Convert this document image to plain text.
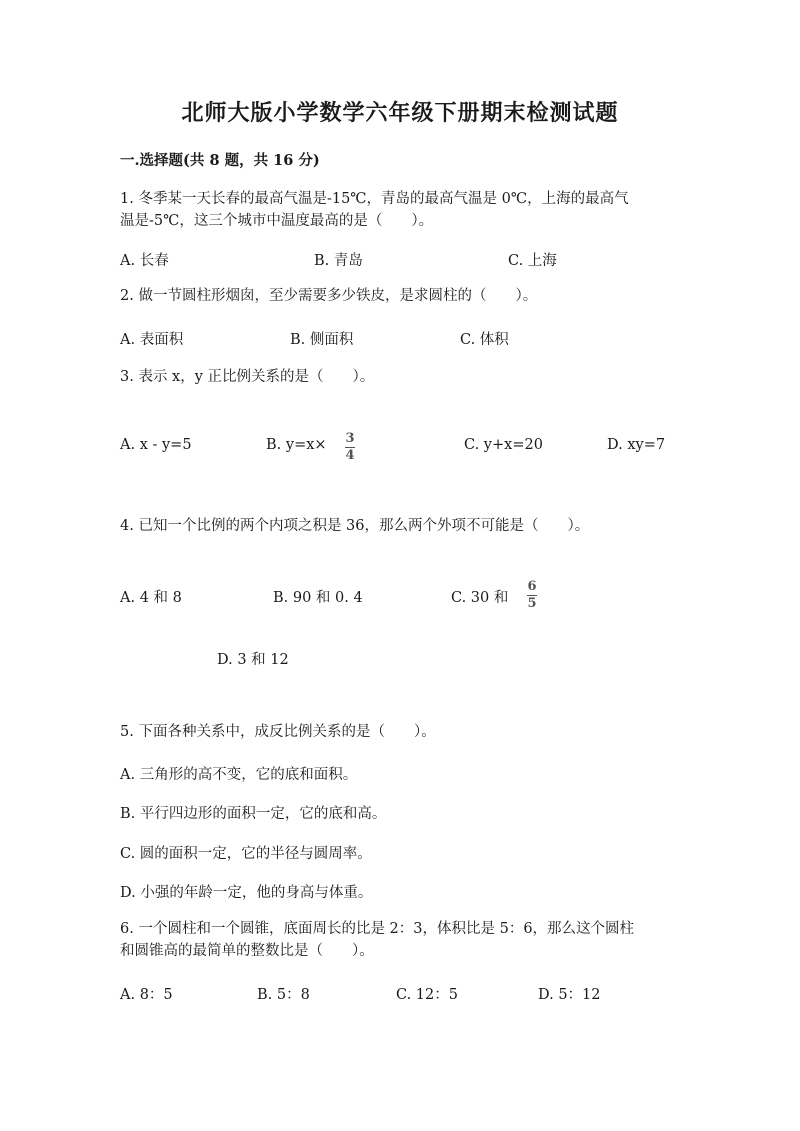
北师大版小学数学六年级下册期末检测试题
一.选择题(共 8 题，共 16 分)
1. 冬季某一天长春的最高气温是-15℃，青岛的最高气温是 0℃，上海的最高气
温是-5℃，这三个城市中温度最高的是（　　）。
A. 长春	B. 青岛	C. 上海
2. 做一节圆柱形烟囱，至少需要多少铁皮，是求圆柱的（　　）。
A. 表面积	B. 侧面积	C. 体积
3. 表示 x，y 正比例关系的是（　　）。
A. x - y=5	B. y=x× 3
4
C. y+x=20	D. xy=7
4. 已知一个比例的两个内项之积是 36，那么两个外项不可能是（　　）。
A. 4 和 8	B. 90 和 0. 4	C. 30 和
6
5
D. 3 和 12
5. 下面各种关系中，成反比例关系的是（　　）。
A. 三角形的高不变，它的底和面积。
B. 平行四边形的面积一定，它的底和高。
C. 圆的面积一定，它的半径与圆周率。
D. 小强的年龄一定，他的身高与体重。
6. 一个圆柱和一个圆锥，底面周长的比是 2：3，体积比是 5：6，那么这个圆柱
和圆锥高的最简单的整数比是（　　）。
A. 8：5	B. 5：8	C. 12：5	D. 5：12
